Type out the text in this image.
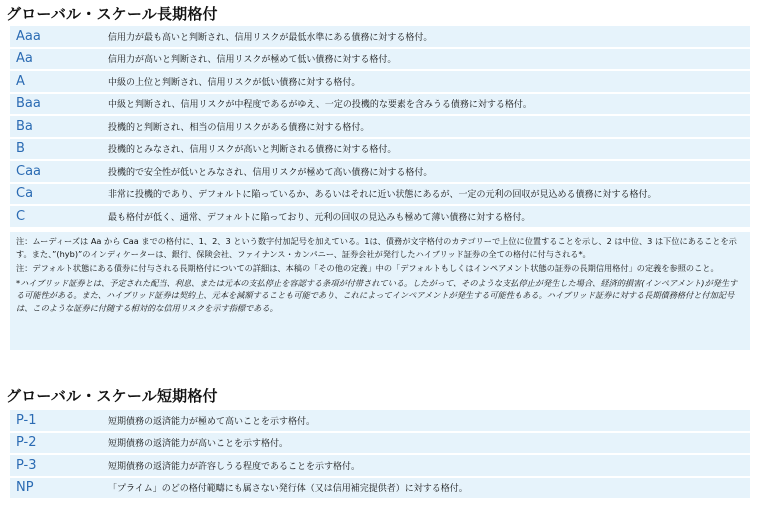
グローバル・スケール長期格付
Aaa	信用力が最も高いと判断され、信用リスクが最低水準にある債務に対する格付。
Aa	信用力が高いと判断され、信用リスクが極めて低い債務に対する格付。
A	中級の上位と判断され、信用リスクが低い債務に対する格付。
Baa	中級と判断され、信用リスクが中程度であるがゆえ、一定の投機的な要素を含みうる債務に対する格付。
Ba	投機的と判断され、相当の信用リスクがある債務に対する格付。
B	投機的とみなされ、信用リスクが高いと判断される債務に対する格付。
Caa	投機的で安全性が低いとみなされ、信用リスクが極めて高い債務に対する格付。
Ca	非常に投機的であり、デフォルトに陥っているか、あるいはそれに近い状態にあるが、一定の元利の回収が見込める債務に対する格付。
C	最も格付が低く、通常、デフォルトに陥っており、元利の回収の見込みも極めて薄い債務に対する格付。

注：ムーディーズは Aa から Caa までの格付に、1、2、3 という数字付加記号を加えている。1は、債務が文字格付のカテゴリーで上位に位置することを示し、2 は中位、3 は下位にあることを示す。また、”(hyb)”のインディケーターは、銀行、保険会社、ファイナンス・カンパニー、証券会社が発行したハイブリッド証券の全ての格付に付与される*。

注：デフォルト状態にある債券に付与される長期格付についての詳細は、本稿の「その他の定義」中の「デフォルトもしくはインペアメント状態の証券の長期信用格付」の定義を参照のこと。

*ハイブリッド証券とは、予定された配当、利息、または元本の支払停止を容認する条項が付帯されている。したがって、そのような支払停止が発生した場合、経済的損害(インペアメント)が発生する可能性がある。また、ハイブリッド証券は契約上、元本を減額することも可能であり、これによってインペアメントが発生する可能性もある。ハイブリッド証券に対する長期債務格付と付加記号は、このような証券に付随する相対的な信用リスクを示す指標である。

グローバル・スケール短期格付
P-1	短期債務の返済能力が極めて高いことを示す格付。
P-2	短期債務の返済能力が高いことを示す格付。
P-3	短期債務の返済能力が許容しうる程度であることを示す格付。
NP	「プライム」のどの格付範疇にも属さない発行体（又は信用補完提供者）に対する格付。
